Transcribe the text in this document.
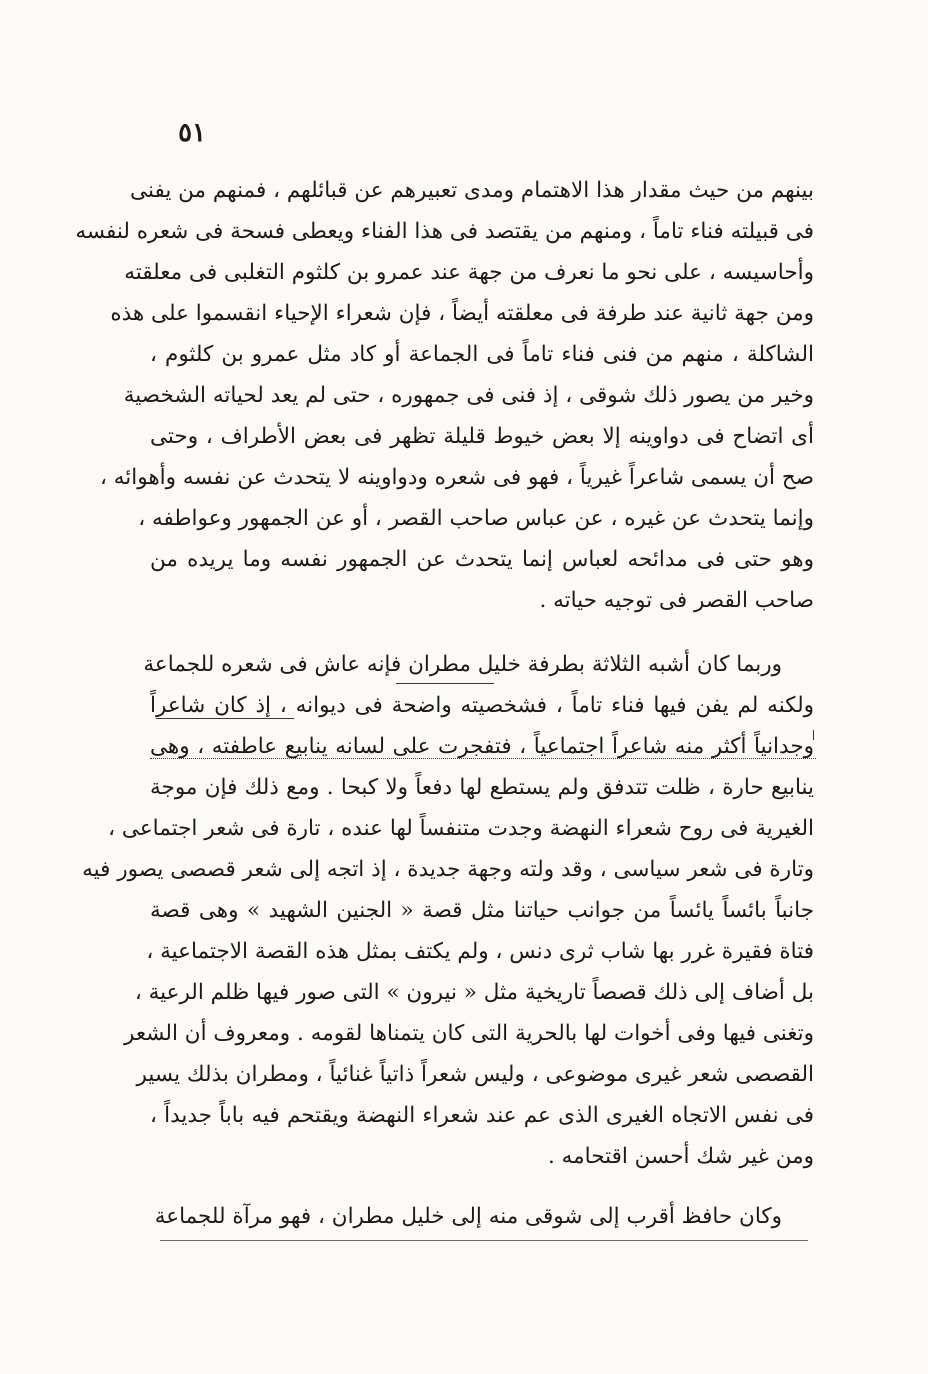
٥١
بينهم من حيث مقدار هذا الاهتمام ومدى تعبيرهم عن قبائلهم ، فمنهم من يفنى
فى قبيلته فناء تاماً ، ومنهم من يقتصد فى هذا الفناء ويعطى فسحة فى شعره لنفسه
وأحاسيسه ، على نحو ما نعرف من جهة عند عمرو بن كلثوم التغلبى فى معلقته
ومن جهة ثانية عند طرفة فى معلقته أيضاً ، فإن شعراء الإحياء انقسموا على هذه
الشاكلة ، منهم من فنى فناء تاماً فى الجماعة أو كاد مثل عمرو بن كلثوم ،
وخير من يصور ذلك شوقى ، إذ فنى فى جمهوره ، حتى لم يعد لحياته الشخصية
أى اتضاح فى دواوينه إلا بعض خيوط قليلة تظهر فى بعض الأطراف ، وحتى
صح أن يسمى شاعراً غيرياً ، فهو فى شعره ودواوينه لا يتحدث عن نفسه وأهوائه ،
وإنما يتحدث عن غيره ، عن عباس صاحب القصر ، أو عن الجمهور وعواطفه ،
وهو حتى فى مدائحه لعباس إنما يتحدث عن الجمهور نفسه وما يريده من
صاحب القصر فى توجيه حياته .
وربما كان أشبه الثلاثة بطرفة خليل مطران فإنه عاش فى شعره للجماعة
ولكنه لم يفن فيها فناء تاماً ، فشخصيته واضحة فى ديوانه ، إذ كان شاعراً
وجدانياً أكثر منه شاعراً اجتماعياً ، فتفجرت على لسانه ينابيع عاطفته ، وهى
ينابيع حارة ، ظلت تتدفق ولم يستطع لها دفعاً ولا كبحا . ومع ذلك فإن موجة
الغيرية فى روح شعراء النهضة وجدت متنفساً لها عنده ، تارة فى شعر اجتماعى ،
وتارة فى شعر سياسى ، وقد ولته وجهة جديدة ، إذ اتجه إلى شعر قصصى يصور فيه
جانباً بائساً يائساً من جوانب حياتنا مثل قصة « الجنين الشهيد » وهى قصة
فتاة فقيرة غرر بها شاب ثرى دنس ، ولم يكتف بمثل هذه القصة الاجتماعية ،
بل أضاف إلى ذلك قصصاً تاريخية مثل « نيرون » التى صور فيها ظلم الرعية ،
وتغنى فيها وفى أخوات لها بالحرية التى كان يتمناها لقومه . ومعروف أن الشعر
القصصى شعر غيرى موضوعى ، وليس شعراً ذاتياً غنائياً ، ومطران بذلك يسير
فى نفس الاتجاه الغيرى الذى عم عند شعراء النهضة ويقتحم فيه باباً جديداً ،
ومن غير شك أحسن اقتحامه .
وكان حافظ أقرب إلى شوقى منه إلى خليل مطران ، فهو مرآة للجماعة
